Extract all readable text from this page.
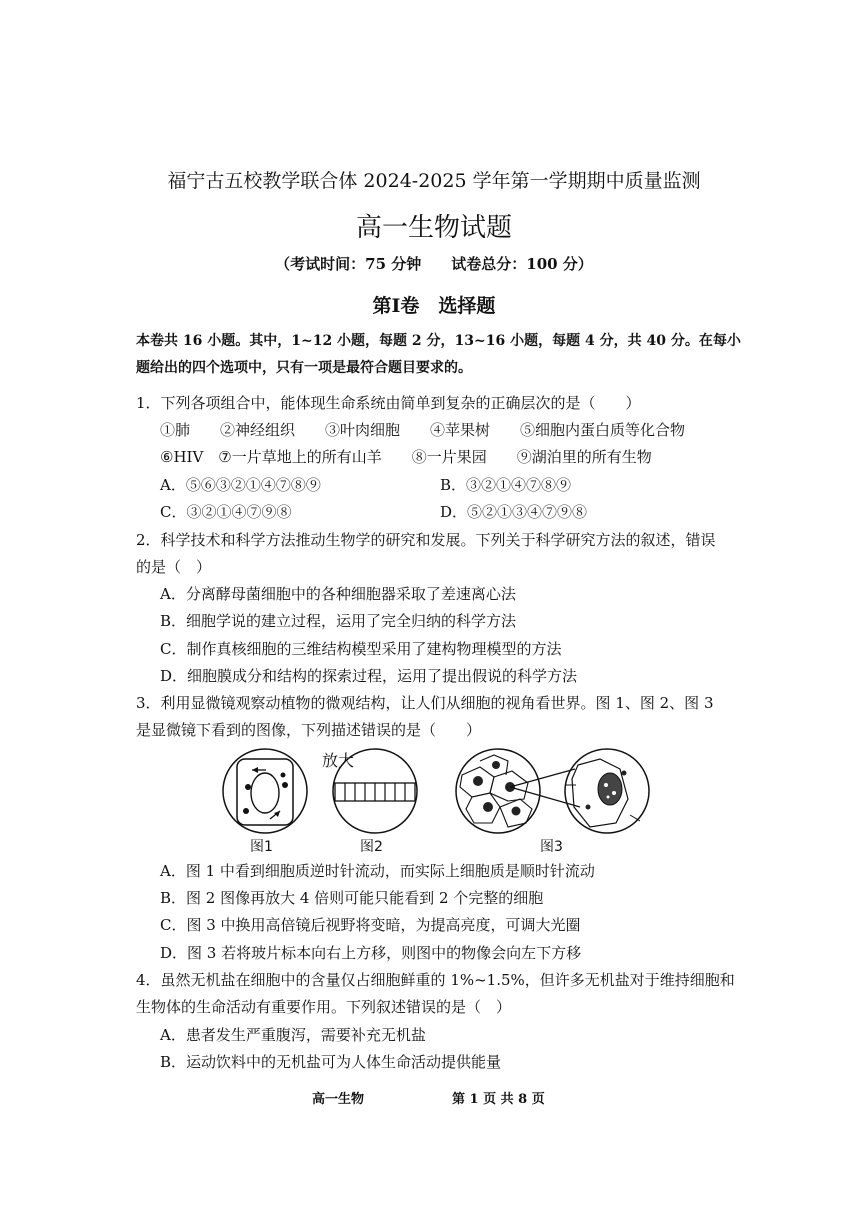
福宁古五校教学联合体 2024-2025 学年第一学期期中质量监测
高一生物试题
（考试时间：75 分钟　　试卷总分：100 分）
第Ⅰ卷　选择题
本卷共 16 小题。其中，1~12 小题，每题 2 分，13~16 小题，每题 4 分，共 40 分。在每小
题给出的四个选项中，只有一项是最符合题目要求的。
1．下列各项组合中，能体现生命系统由简单到复杂的正确层次的是（　　）
①肺　　②神经组织　　③叶肉细胞　　④苹果树　　⑤细胞内蛋白质等化合物
⑥HIV　⑦一片草地上的所有山羊　　⑧一片果园　　⑨湖泊里的所有生物
A．⑤⑥③②①④⑦⑧⑨	B．③②①④⑦⑧⑨
C．③②①④⑦⑨⑧	D．⑤②①③④⑦⑨⑧
2．科学技术和科学方法推动生物学的研究和发展。下列关于科学研究方法的叙述，错误
的是（　）
A．分离酵母菌细胞中的各种细胞器采取了差速离心法
B．细胞学说的建立过程，运用了完全归纳的科学方法
C．制作真核细胞的三维结构模型采用了建构物理模型的方法
D．细胞膜成分和结构的探索过程，运用了提出假说的科学方法
3．利用显微镜观察动植物的微观结构，让人们从细胞的视角看世界。图 1、图 2、图 3
是显微镜下看到的图像，下列描述错误的是（　　）
放大
图1	图2	图3
A．图 1 中看到细胞质逆时针流动，而实际上细胞质是顺时针流动
B．图 2 图像再放大 4 倍则可能只能看到 2 个完整的细胞
C．图 3 中换用高倍镜后视野将变暗，为提高亮度，可调大光圈
D．图 3 若将玻片标本向右上方移，则图中的物像会向左下方移
4．虽然无机盐在细胞中的含量仅占细胞鲜重的 1%~1.5%，但许多无机盐对于维持细胞和
生物体的生命活动有重要作用。下列叙述错误的是（　）
A．患者发生严重腹泻，需要补充无机盐
B．运动饮料中的无机盐可为人体生命活动提供能量
高一生物	第 1 页 共 8 页
